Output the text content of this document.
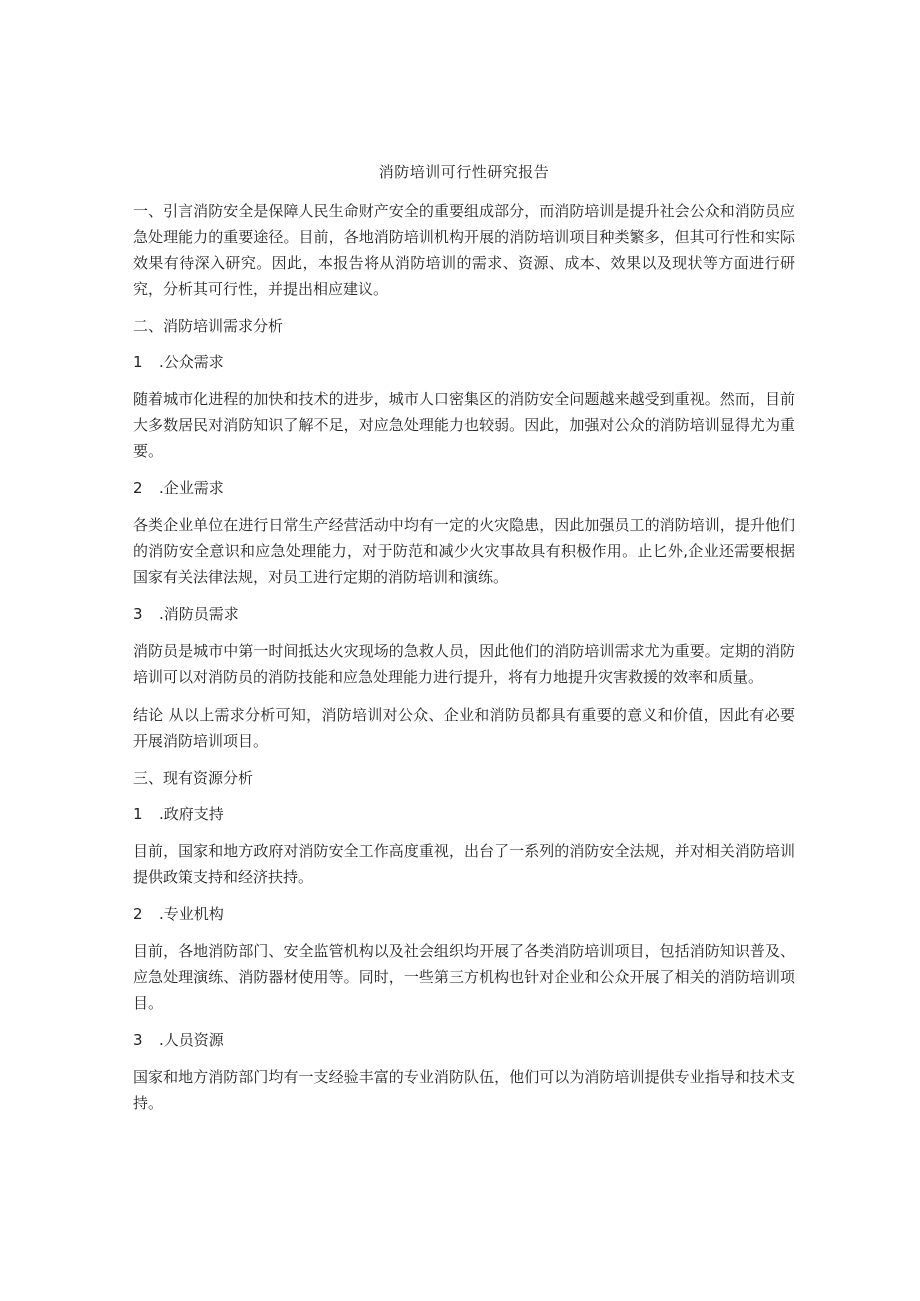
消防培训可行性研究报告

一、引言消防安全是保障人民生命财产安全的重要组成部分，而消防培训是提升社会公众和消防员应急处理能力的重要途径。目前，各地消防培训机构开展的消防培训项目种类繁多，但其可行性和实际效果有待深入研究。因此，本报告将从消防培训的需求、资源、成本、效果以及现状等方面进行研究，分析其可行性，并提出相应建议。

二、消防培训需求分析

1 .公众需求

随着城市化进程的加快和技术的进步，城市人口密集区的消防安全问题越来越受到重视。然而，目前大多数居民对消防知识了解不足，对应急处理能力也较弱。因此，加强对公众的消防培训显得尤为重要。

2 .企业需求

各类企业单位在进行日常生产经营活动中均有一定的火灾隐患，因此加强员工的消防培训，提升他们的消防安全意识和应急处理能力，对于防范和减少火灾事故具有积极作用。止匕外,企业还需要根据国家有关法律法规，对员工进行定期的消防培训和演练。

3 .消防员需求

消防员是城市中第一时间抵达火灾现场的急救人员，因此他们的消防培训需求尤为重要。定期的消防培训可以对消防员的消防技能和应急处理能力进行提升，将有力地提升灾害救援的效率和质量。

结论 从以上需求分析可知，消防培训对公众、企业和消防员都具有重要的意义和价值，因此有必要开展消防培训项目。

三、现有资源分析

1 .政府支持

目前，国家和地方政府对消防安全工作高度重视，出台了一系列的消防安全法规，并对相关消防培训提供政策支持和经济扶持。

2 .专业机构

目前，各地消防部门、安全监管机构以及社会组织均开展了各类消防培训项目，包括消防知识普及、应急处理演练、消防器材使用等。同时，一些第三方机构也针对企业和公众开展了相关的消防培训项目。

3 .人员资源

国家和地方消防部门均有一支经验丰富的专业消防队伍，他们可以为消防培训提供专业指导和技术支持。
